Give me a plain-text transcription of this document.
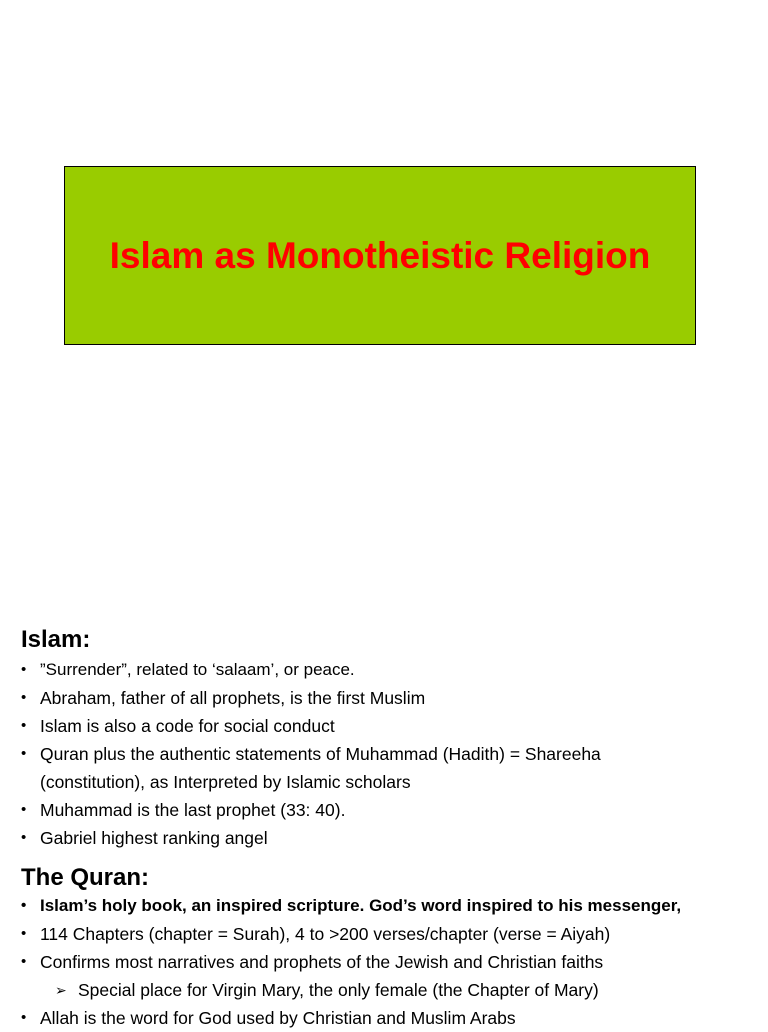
Islam as Monotheistic Religion
Islam:
• ”Surrender”, related to ‘salaam’, or peace.
• Abraham, father of all prophets, is the first Muslim
• Islam is also a code for social conduct
• Quran plus the authentic statements of Muhammad (Hadith) = Shareeha
(constitution), as Interpreted by Islamic scholars
• Muhammad is the last prophet (33: 40).
• Gabriel highest ranking angel
The Quran:
• Islam’s holy book, an inspired scripture. God’s word inspired to his messenger,
• 114 Chapters (chapter = Surah), 4 to >200 verses/chapter (verse = Aiyah)
• Confirms most narratives and prophets of the Jewish and Christian faiths
➢ Special place for Virgin Mary, the only female (the Chapter of Mary)
• Allah is the word for God used by Christian and Muslim Arabs
